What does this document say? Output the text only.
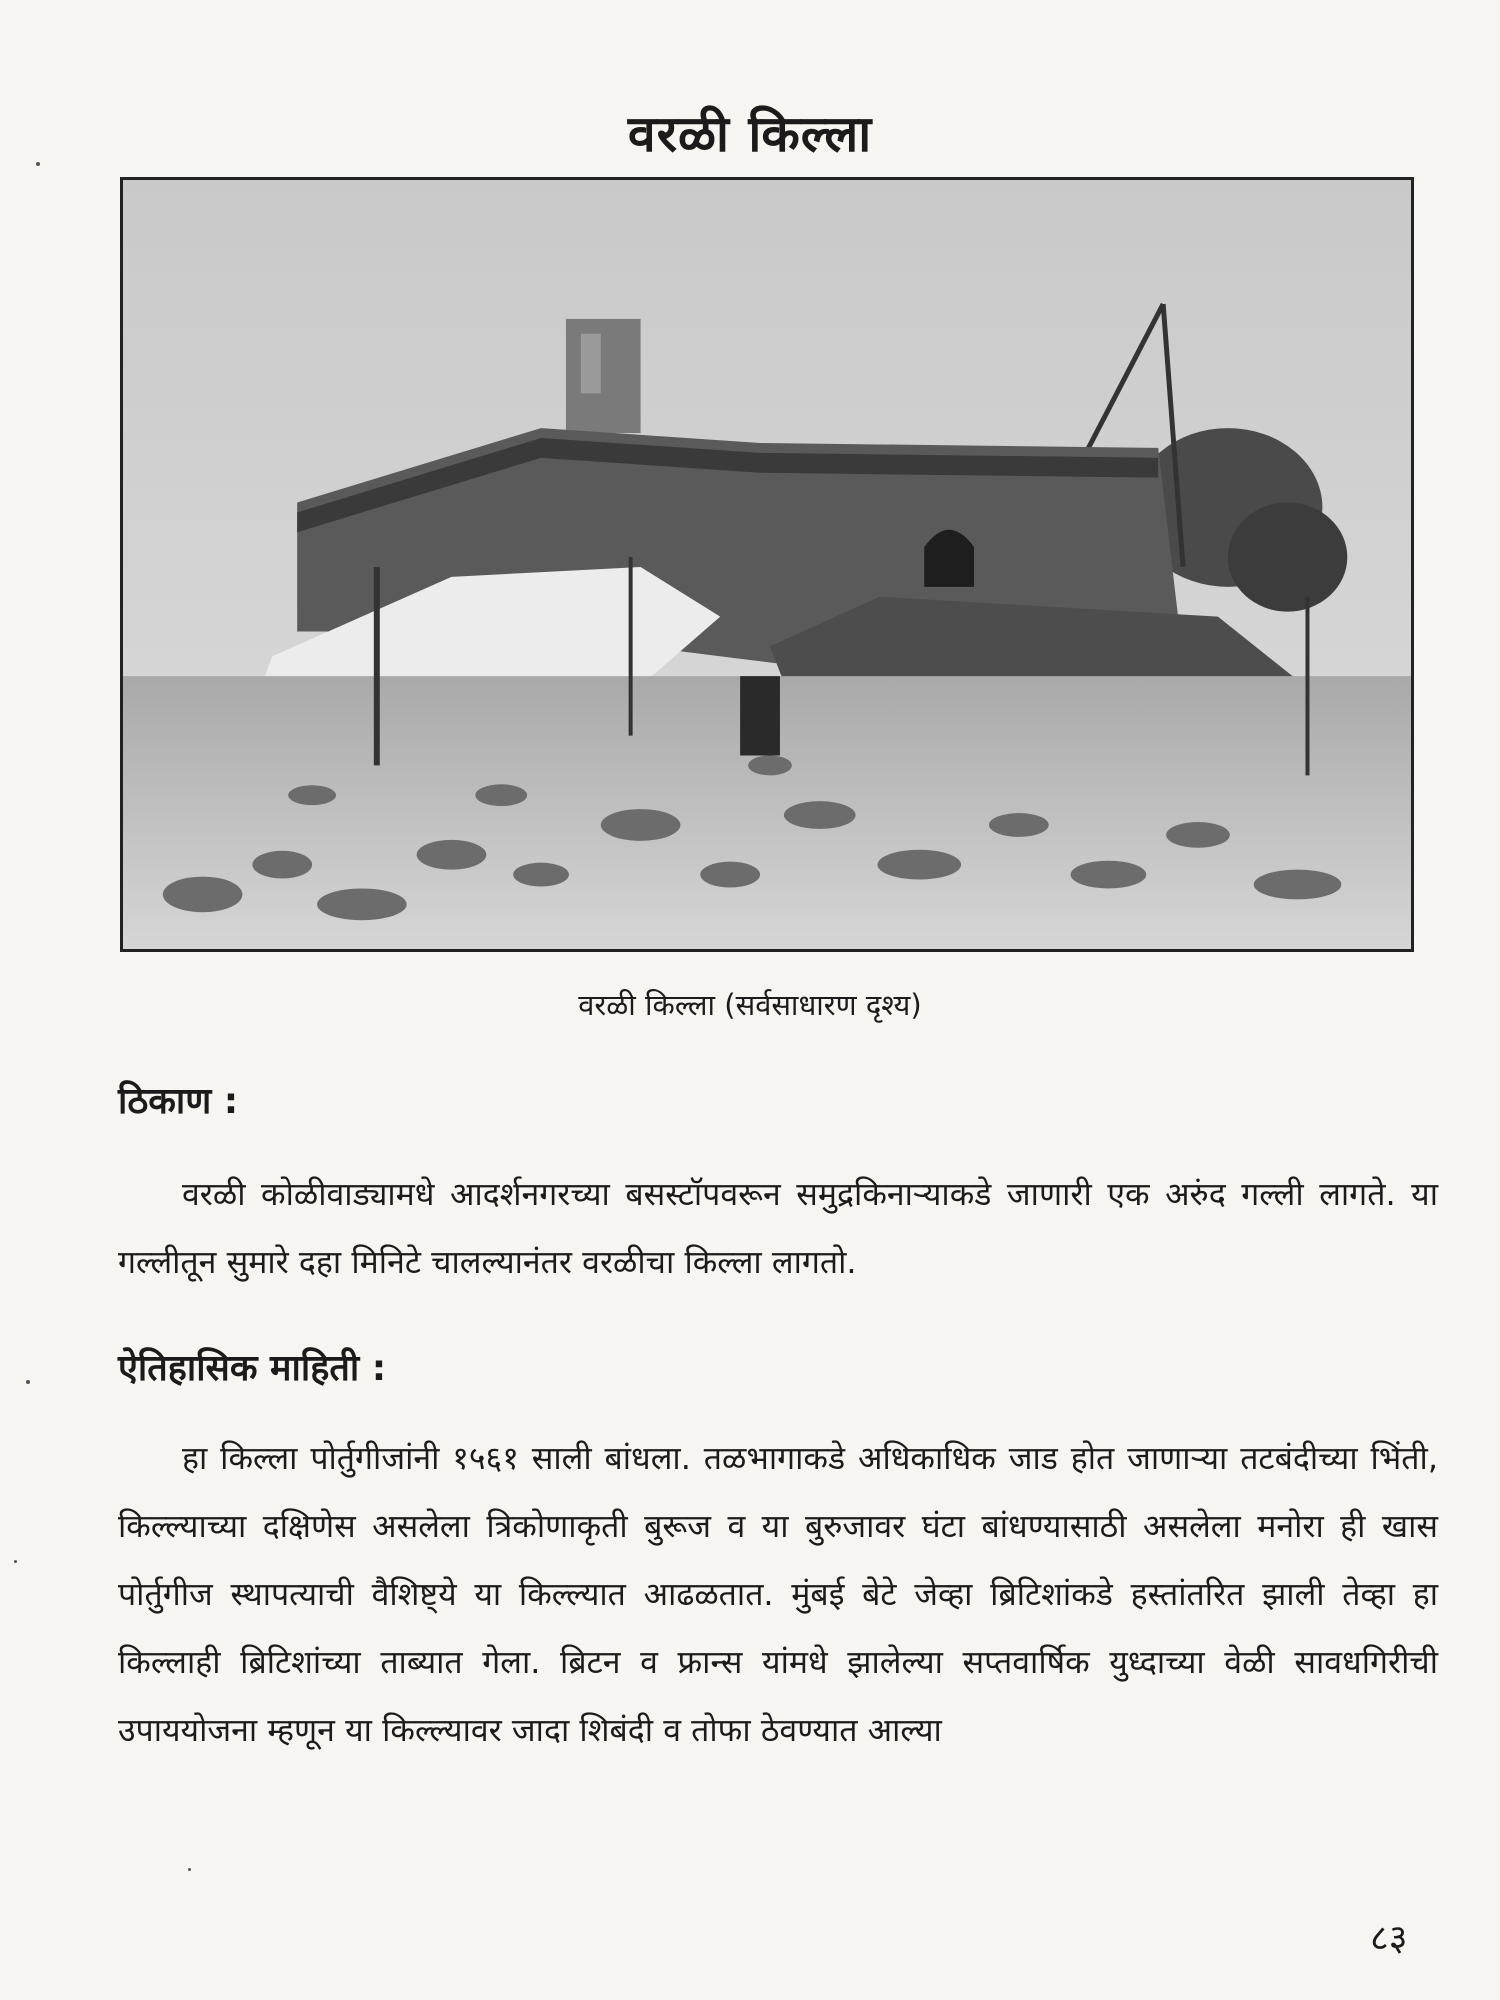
वरळी किल्ला
वरळी किल्ला (सर्वसाधारण दृश्य)
ठिकाण :
वरळी कोळीवाड्यामधे आदर्शनगरच्या बसस्टॉपवरून समुद्रकिनाऱ्याकडे जाणारी एक अरुंद गल्ली लागते. या गल्लीतून सुमारे दहा मिनिटे चालल्यानंतर वरळीचा किल्ला लागतो.
ऐतिहासिक माहिती :
हा किल्ला पोर्तुगीजांनी १५६१ साली बांधला. तळभागाकडे अधिकाधिक जाड होत जाणाऱ्या तटबंदीच्या भिंती, किल्ल्याच्या दक्षिणेस असलेला त्रिकोणाकृती बुरूज व या बुरुजावर घंटा बांधण्यासाठी असलेला मनोरा ही खास पोर्तुगीज स्थापत्याची वैशिष्ट्ये या किल्ल्यात आढळतात. मुंबई बेटे जेव्हा ब्रिटिशांकडे हस्तांतरित झाली तेव्हा हा किल्लाही ब्रिटिशांच्या ताब्यात गेला. ब्रिटन व फ्रान्स यांमधे झालेल्या सप्तवार्षिक युध्दाच्या वेळी सावधगिरीची उपाययोजना म्हणून या किल्ल्यावर जादा शिबंदी व तोफा ठेवण्यात आल्या
८३
